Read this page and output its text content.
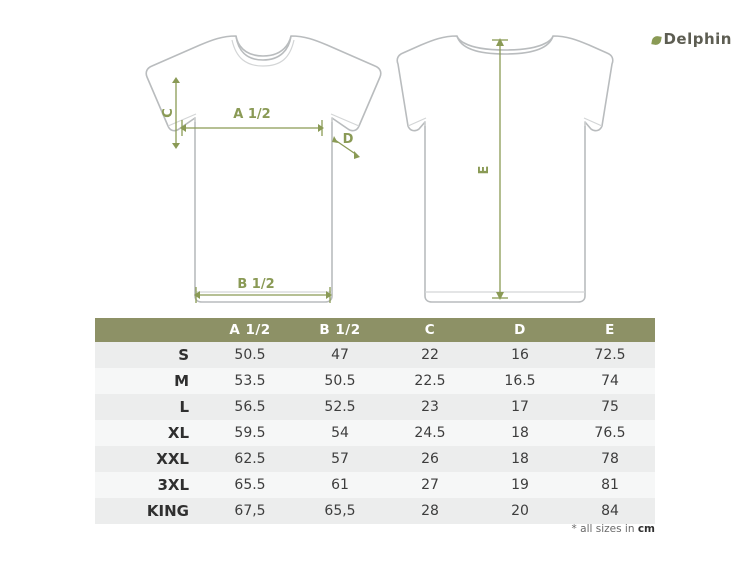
Delphin
C	A 1/2
D
B 1/2
E
	A 1/2	B 1/2	C	D	E
S	50.5	47	22	16	72.5
M	53.5	50.5	22.5	16.5	74
L	56.5	52.5	23	17	75
XL	59.5	54	24.5	18	76.5
XXL	62.5	57	26	18	78
3XL	65.5	61	27	19	81
KING	67,5	65,5	28	20	84
* all sizes in cm
